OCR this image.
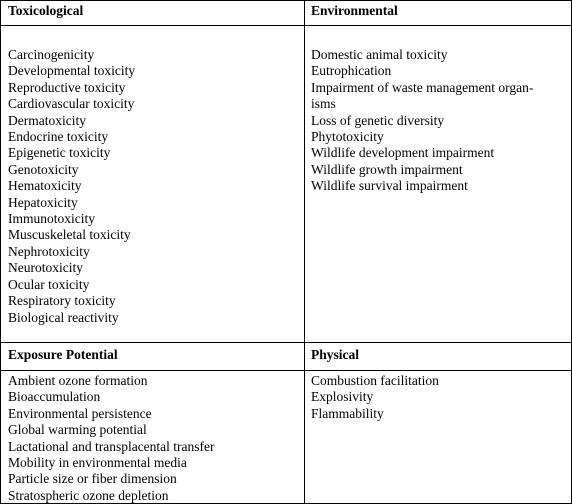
Toxicological
Carcinogenicity
Developmental toxicity
Reproductive toxicity
Cardiovascular toxicity
Dermatoxicity
Endocrine toxicity
Epigenetic toxicity
Genotoxicity
Hematoxicity
Hepatoxicity
Immunotoxicity
Muscuskeletal toxicity
Nephrotoxicity
Neurotoxicity
Ocular toxicity
Respiratory toxicity
Biological reactivity
Environmental
Domestic animal toxicity
Eutrophication
Impairment of waste management organ-
isms
Loss of genetic diversity
Phytotoxicity
Wildlife development impairment
Wildlife growth impairment
Wildlife survival impairment
Exposure Potential
Ambient ozone formation
Bioaccumulation
Environmental persistence
Global warming potential
Lactational and transplacental transfer
Mobility in environmental media
Particle size or fiber dimension
Stratospheric ozone depletion
Physical
Combustion facilitation
Explosivity
Flammability
